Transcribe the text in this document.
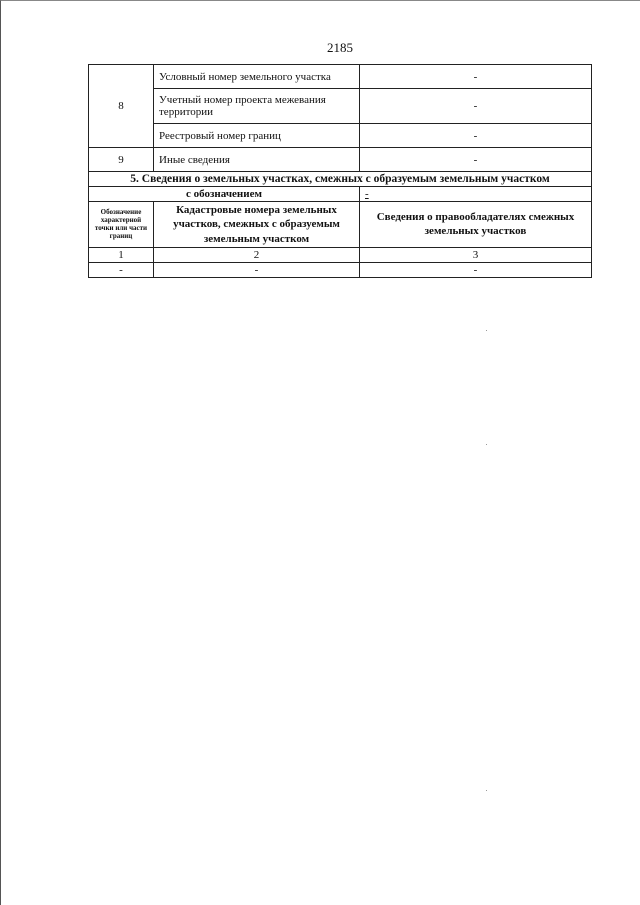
2185
8	Условный номер земельного участка	-
	Учетный номер проекта межевания территории	-
	Реестровый номер границ	-
9	Иные сведения	-
5. Сведения о земельных участках, смежных с образуемым земельным участком		
с обозначением		-
Обозначение характерной точки или части границ	Кадастровые номера земельных участков, смежных с образуемым земельным участком	Сведения о правообладателях смежных земельных участков
1	2	3
-	-	-
